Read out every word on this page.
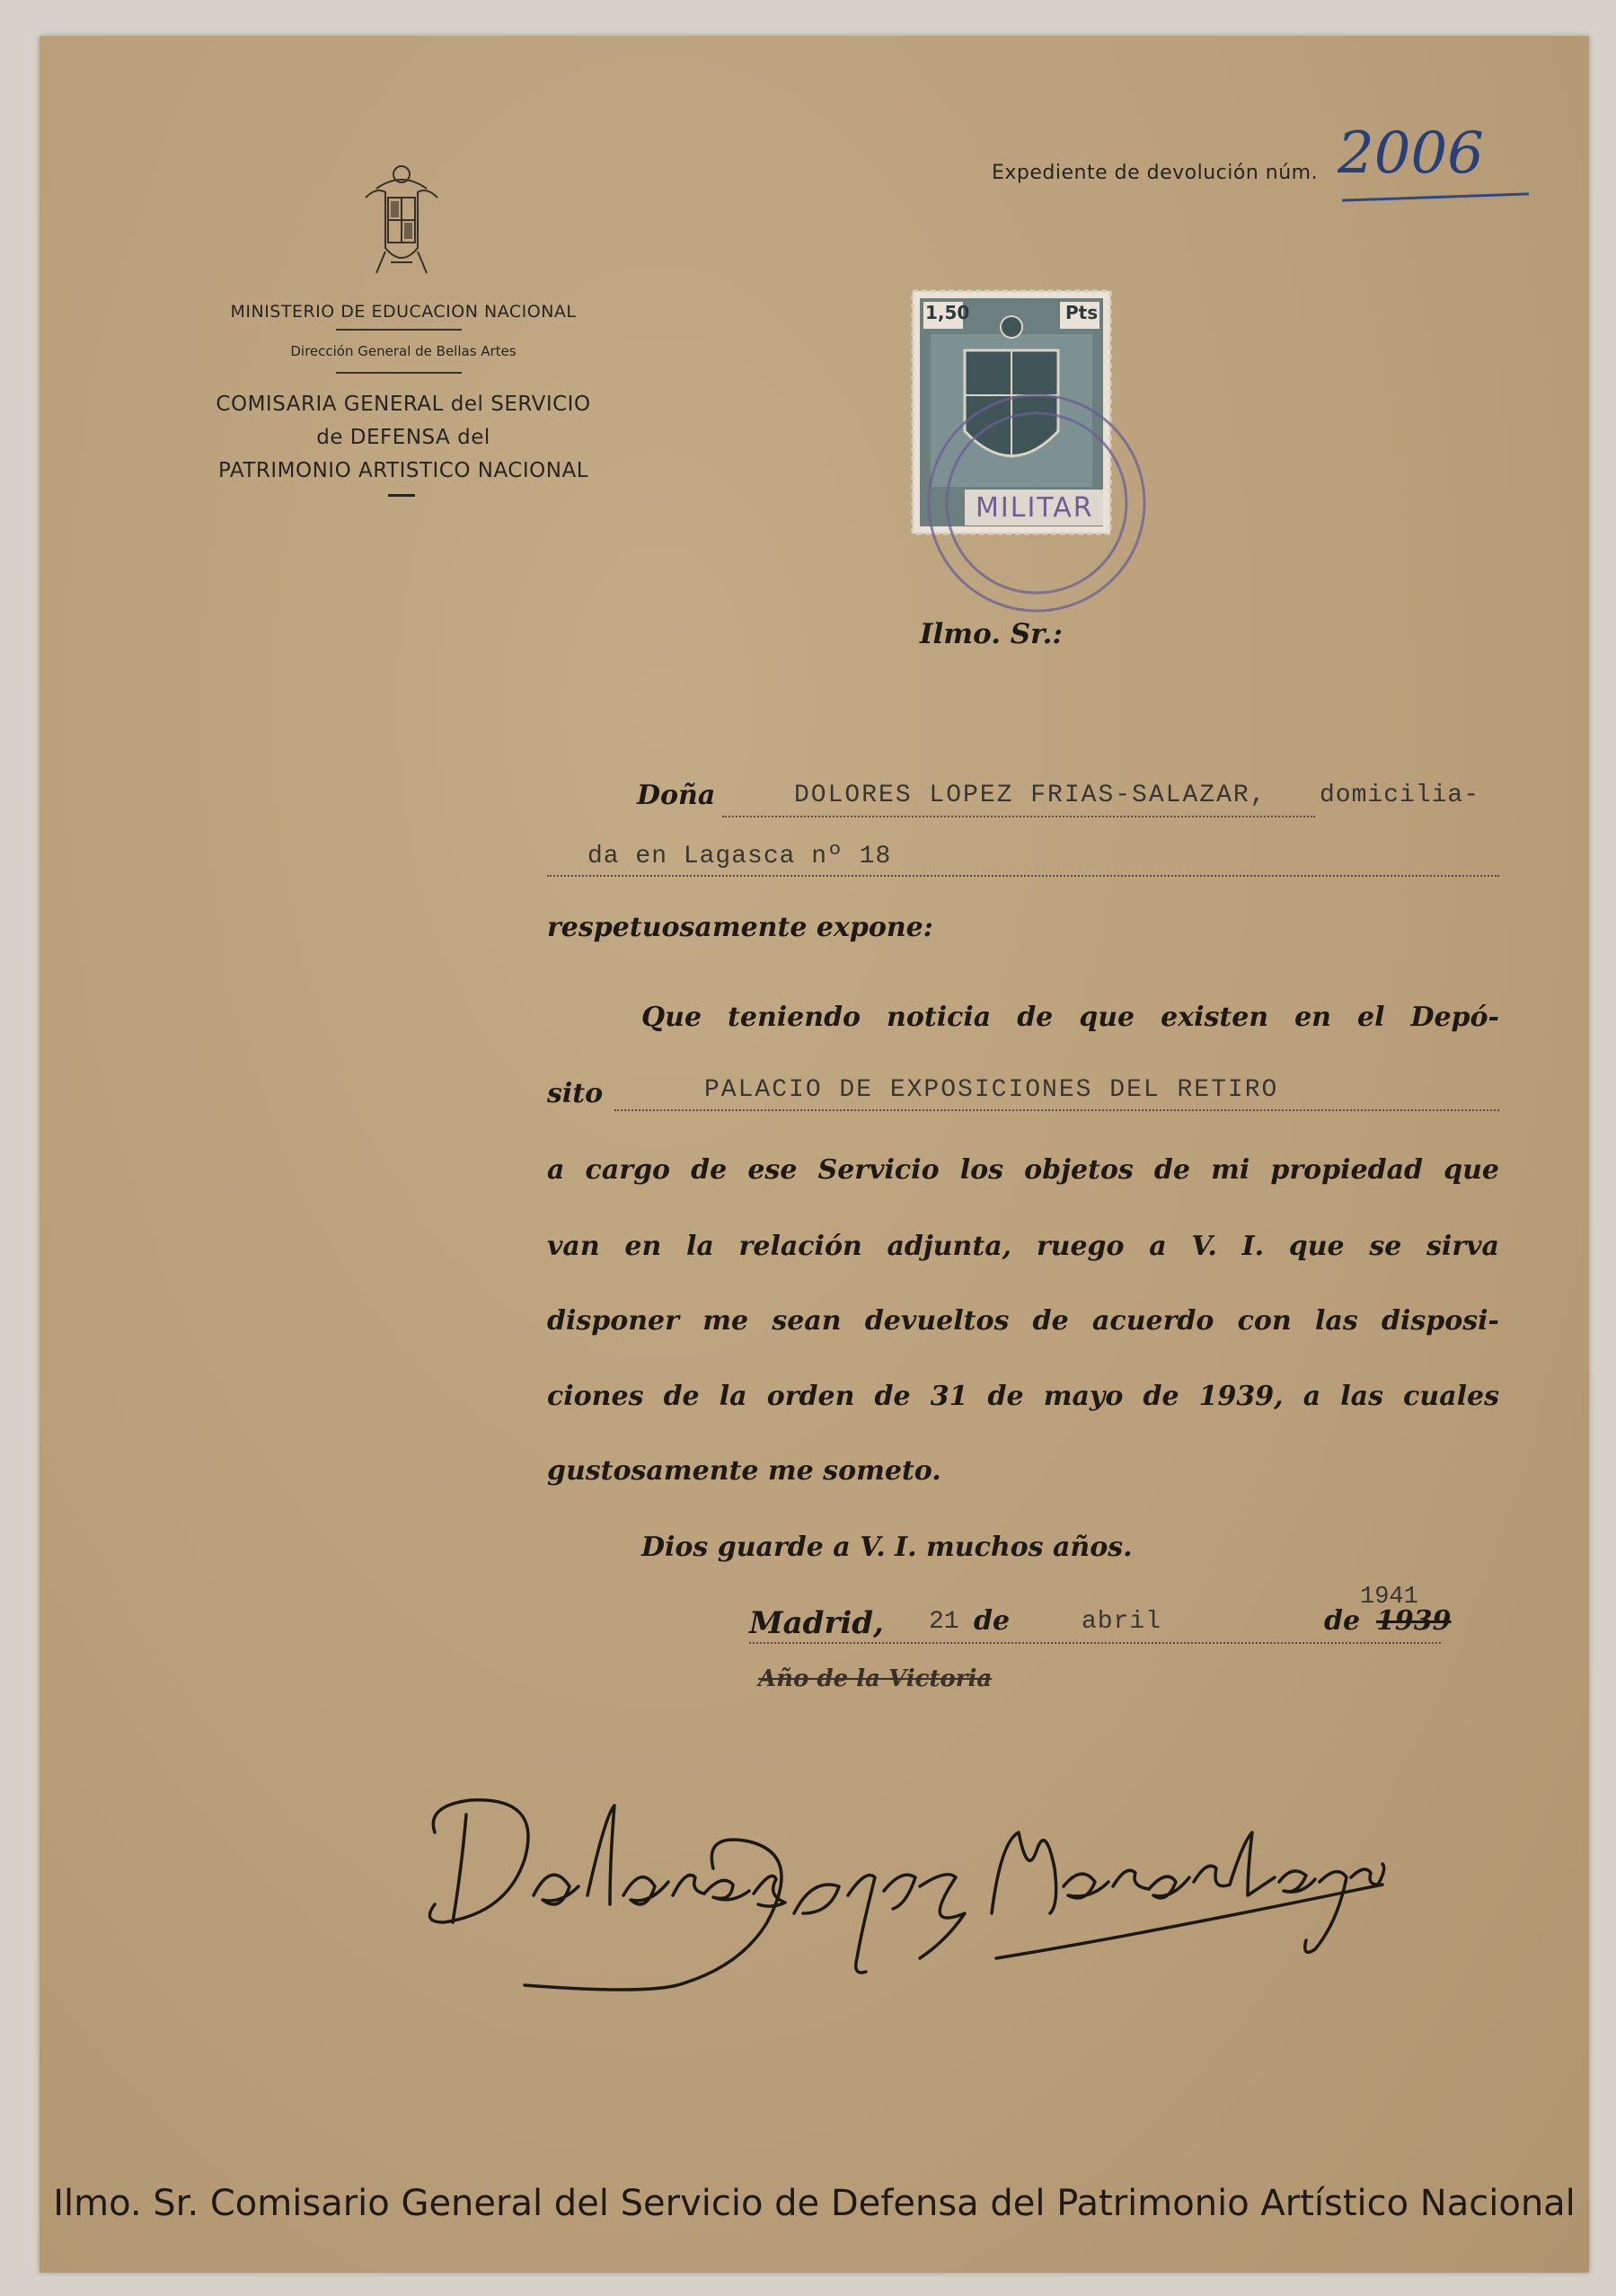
MINISTERIO DE EDUCACION NACIONAL
Dirección General de Bellas Artes
COMISARIA GENERAL del SERVICIO
de DEFENSA del
PATRIMONIO ARTISTICO NACIONAL
Expediente de devolución núm. 2006
1,50	Pts
MILITAR
Ilmo. Sr.:
Doña	DOLORES LOPEZ FRIAS-SALAZAR, domicilia-
da en Lagasca nº 18
respetuosamente expone:
Que teniendo noticia de que existen en el Depó-
sito	PALACIO DE EXPOSICIONES DEL RETIRO
a cargo de ese Servicio los objetos de mi propiedad que
van en la relación adjunta, ruego a V. I. que se sirva
disponer me sean devueltos de acuerdo con las disposi-
ciones de la orden de 31 de mayo de 1939, a las cuales
gustosamente me someto.
Dios guarde a V. I. muchos años.
1941
Madrid, 21 de	abril	de 1939
Año de la Victoria
Ilmo. Sr. Comisario General del Servicio de Defensa del Patrimonio Artístico Nacional
